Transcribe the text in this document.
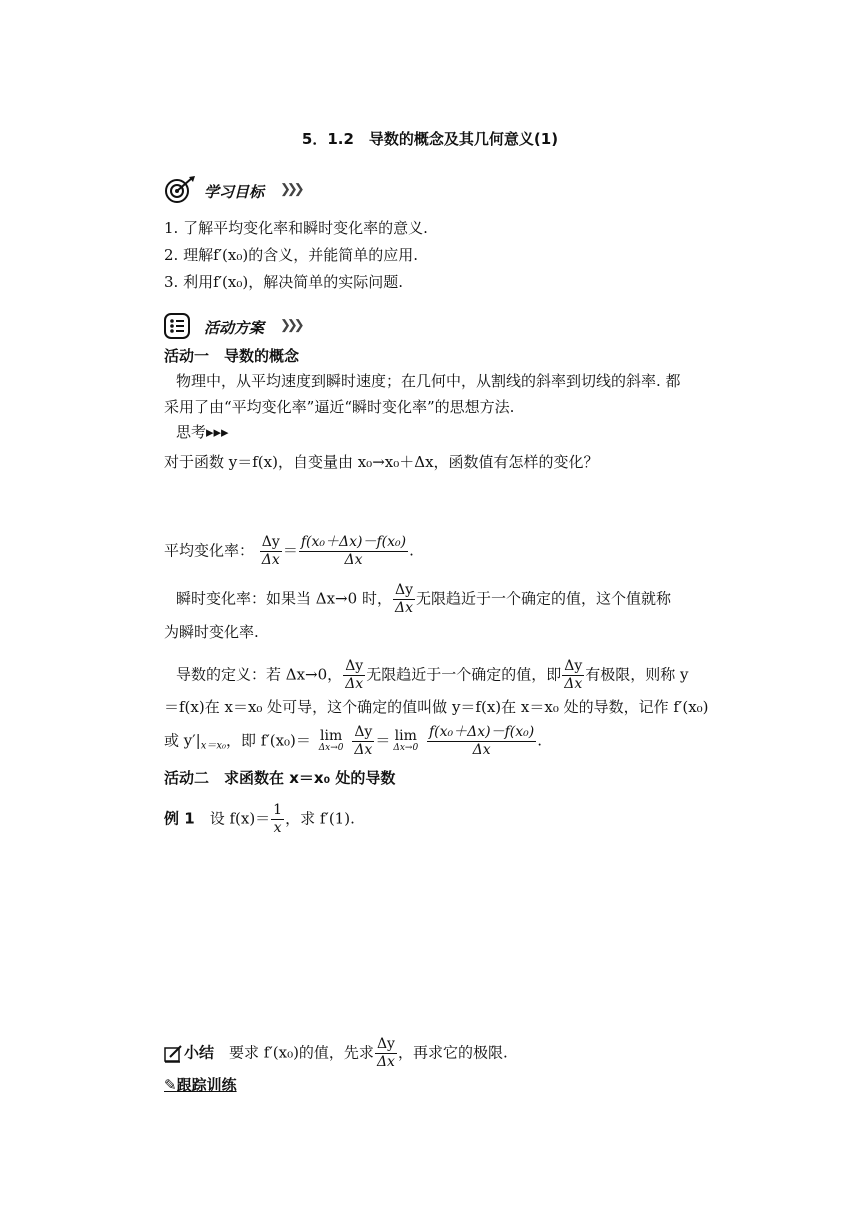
5．1.2　导数的概念及其几何意义(1)
学习目标 ❯❯❯
1. 了解平均变化率和瞬时变化率的意义.
2. 理解f′(x₀)的含义，并能简单的应用.
3. 利用f′(x₀)，解决简单的实际问题.
活动方案 ❯❯❯
活动一　导数的概念
物理中，从平均速度到瞬时速度；在几何中，从割线的斜率到切线的斜率. 都
采用了由“平均变化率”逼近“瞬时变化率”的思想方法.
思考▸▸▸
对于函数 y＝f(x)，自变量由 x₀→x₀＋Δx，函数值有怎样的变化？
平均变化率： $\frac{\Delta y}{\Delta x} = \frac{\text{f(x₀＋Δx)－f(x₀)}}{\Delta x}$ .
瞬时变化率：如果当 Δx→0 时， $\frac{\Delta y}{\Delta x}$ 无限趋近于一个确定的值，这个值就称
为瞬时变化率.
导数的定义：若 Δx→0， $\frac{\Delta y}{\Delta x}$ 无限趋近于一个确定的值，即 $\frac{\Delta y}{\Delta x}$ 有极限，则称 y
＝f(x)在 x＝x₀ 处可导，这个确定的值叫做 y＝f(x)在 x＝x₀ 处的导数，记作 f′(x₀)
或 $y'|_{x=x_0}$，即 f′(x₀)＝ lim
Δx→0
$\frac{\Delta y}{\Delta x} = \lim$
Δx→0
$\frac{\text{f(x₀＋Δx)－f(x₀)}}{\Delta x}$ .
活动二　求函数在 x＝x₀ 处的导数
例 1　 设 $f(x)= \frac{1}{x}$ ，求 f′(1).
小结　 要求 f′(x₀)的值，先求 $\frac{\Delta y}{\Delta x}$ ，再求它的极限.
✎跟踪训练
